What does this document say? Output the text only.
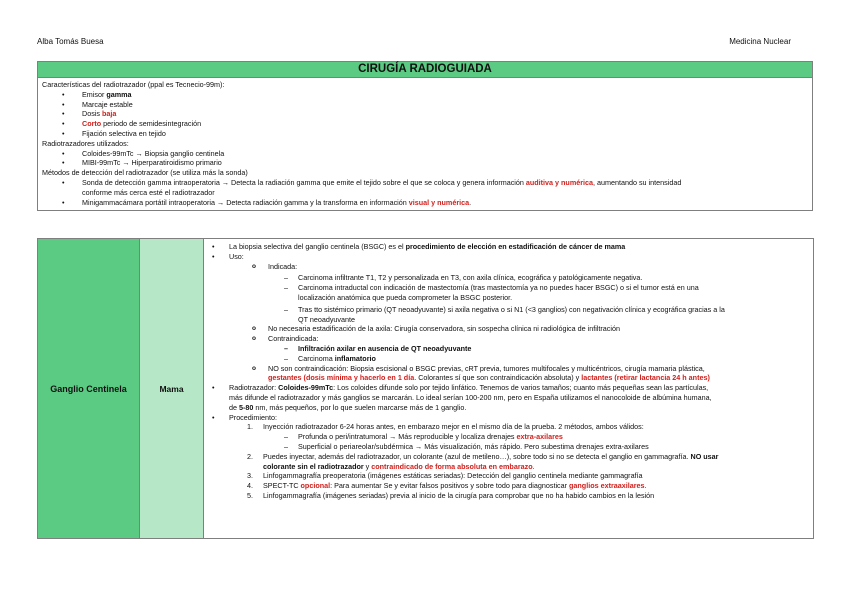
Alba Tomás Buesa	Medicina Nuclear
CIRUGÍA RADIOGUIADA

Características del radiotrazador (ppal es Tecnecio-99m):
• Emisor gamma
• Marcaje estable
• Dosis baja
• Corto periodo de semidesintegración
• Fijación selectiva en tejido
Radiotrazadores utilizados:
• Coloides-99mTc → Biopsia ganglio centinela
• MIBI-99mTc → Hiperparatiroidismo primario
Métodos de detección del radiotrazador (se utiliza más la sonda)
• Sonda de detección gamma intraoperatoria → Detecta la radiación gamma que emite el tejido sobre el que se coloca y genera información auditiva y numérica, aumentando su intensidad
conforme más cerca esté el radiotrazador
• Minigammacámara portátil intraoperatoria → Detecta radiación gamma y la transforma en información visual y numérica.
Ganglio Centinela	Mama	
• La biopsia selectiva del ganglio centinela (BSGC) es el procedimiento de elección en estadificación de cáncer de mama
• Uso:
o Indicada:
– Carcinoma infiltrante T1, T2 y personalizada en T3, con axila clínica, ecográfica y patológicamente negativa.
– Carcinoma intraductal con indicación de mastectomía (tras mastectomía ya no puedes hacer BSGC) o si el tumor está en una
localización anatómica que pueda comprometer la BSGC posterior.
– Tras tto sistémico primario (QT neoadyuvante) si axila negativa o si N1 (<3 ganglios) con negativación clínica y ecográfica gracias a la
QT neoadyuvante
o No necesaria estadificación de la axila: Cirugía conservadora, sin sospecha clínica ni radiológica de infiltración
o Contraindicada:
– Infiltración axilar en ausencia de QT neoadyuvante
– Carcinoma inflamatorio
o NO son contraindicación: Biopsia escisional o BSGC previas, cRT previa, tumores multifocales y multicéntricos, cirugía mamaria plástica,
gestantes (dosis mínima y hacerlo en 1 día. Colorantes sí que son contraindicación absoluta) y lactantes (retirar lactancia 24 h antes)
• Radiotrazador: Coloides-99mTc: Los coloides difunde solo por tejido linfático. Tenemos de varios tamaños; cuanto más pequeñas sean las partículas,
más difunde el radiotrazador y más ganglios se marcarán. Lo ideal serían 100-200 nm, pero en España utilizamos el nanocoloide de albúmina humana,
de 5-80 nm, más pequeños, por lo que suelen marcarse más de 1 ganglio.
• Procedimiento:
1. Inyección radiotrazador 6-24 horas antes, en embarazo mejor en el mismo día de la prueba. 2 métodos, ambos válidos:
– Profunda o peri/intratumoral → Más reproducible y localiza drenajes extra-axilares
– Superficial o periareolar/subdérmica → Más visualización, más rápido. Pero subestima drenajes extra-axilares
2. Puedes inyectar, además del radiotrazador, un colorante (azul de metileno…), sobre todo si no se detecta el ganglio en gammagrafía. NO usar
colorante sin el radiotrazador y contraindicado de forma absoluta en embarazo.
3. Linfogammagrafía preoperatoria (imágenes estáticas seriadas): Detección del ganglio centinela mediante gammagrafía
4. SPECT-TC opcional: Para aumentar Se y evitar falsos positivos y sobre todo para diagnosticar ganglios extraaxilares.
5. Linfogammagrafía (imágenes seriadas) previa al inicio de la cirugía para comprobar que no ha habido cambios en la lesión
